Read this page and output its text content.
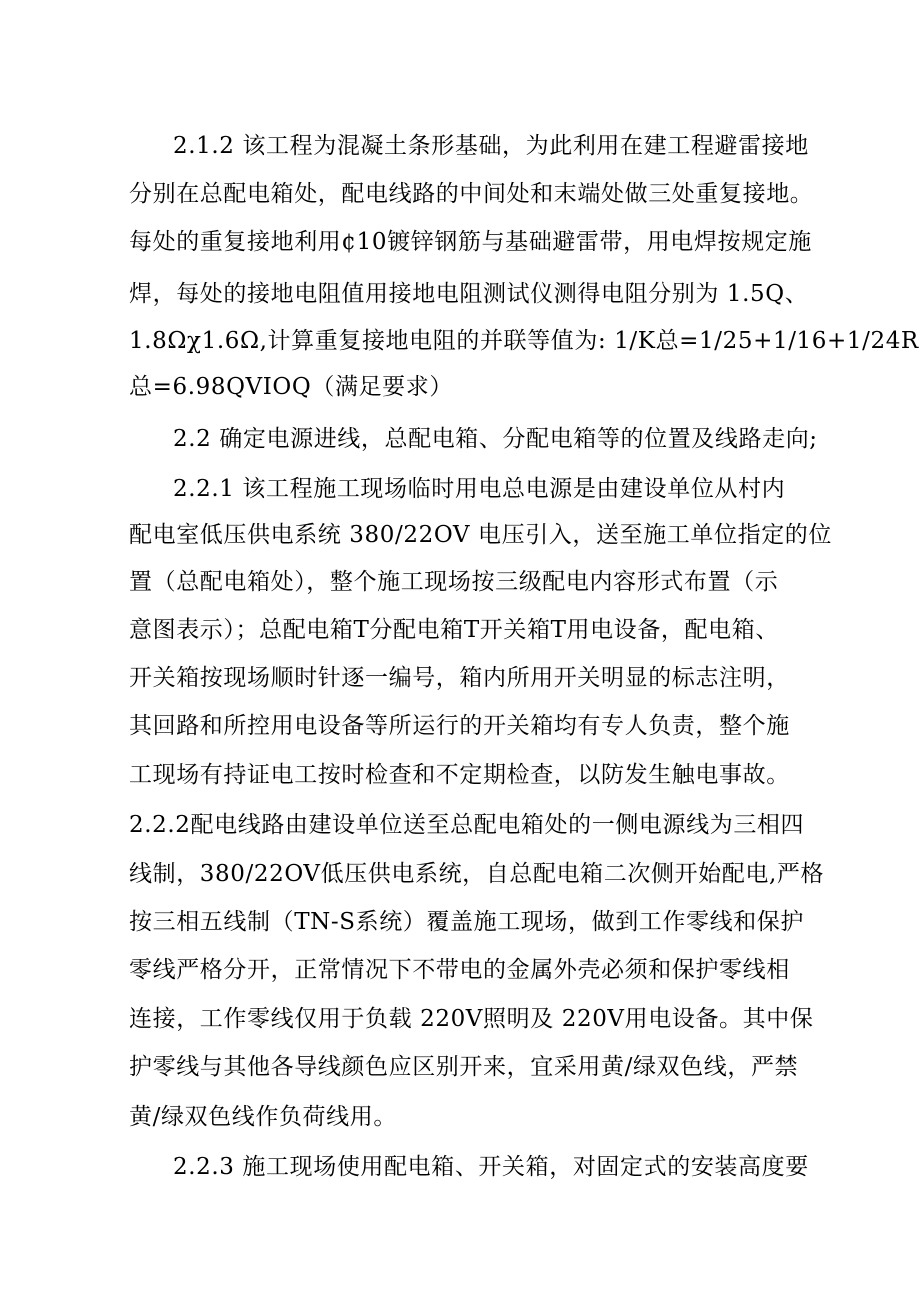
2.1.2 该工程为混凝土条形基础，为此利用在建工程避雷接地
分别在总配电箱处，配电线路的中间处和末端处做三处重复接地。
每处的重复接地利用¢10镀锌钢筋与基础避雷带，用电焊按规定施
焊，每处的接地电阻值用接地电阻测试仪测得电阻分别为 1.5Q、
1.8Ωχ1.6Ω,计算重复接地电阻的并联等值为: 1/K总=1/25+1/16+1/24R
总=6.98QVIOQ（满足要求）
2.2 确定电源进线，总配电箱、分配电箱等的位置及线路走向;
2.2.1 该工程施工现场临时用电总电源是由建设单位从村内
配电室低压供电系统 380/22OV 电压引入，送至施工单位指定的位
置（总配电箱处），整个施工现场按三级配电内容形式布置（示
意图表示）；总配电箱T分配电箱T开关箱T用电设备，配电箱、
开关箱按现场顺时针逐一编号，箱内所用开关明显的标志注明，
其回路和所控用电设备等所运行的开关箱均有专人负责，整个施
工现场有持证电工按时检查和不定期检查，以防发生触电事故。
2.2.2配电线路由建设单位送至总配电箱处的一侧电源线为三相四
线制，380/22OV低压供电系统，自总配电箱二次侧开始配电,严格
按三相五线制（TN-S系统）覆盖施工现场，做到工作零线和保护
零线严格分开，正常情况下不带电的金属外壳必须和保护零线相
连接，工作零线仅用于负载 220V照明及 220V用电设备。其中保
护零线与其他各导线颜色应区别开来，宜采用黄/绿双色线，严禁
黄/绿双色线作负荷线用。
2.2.3 施工现场使用配电箱、开关箱，对固定式的安装高度要
